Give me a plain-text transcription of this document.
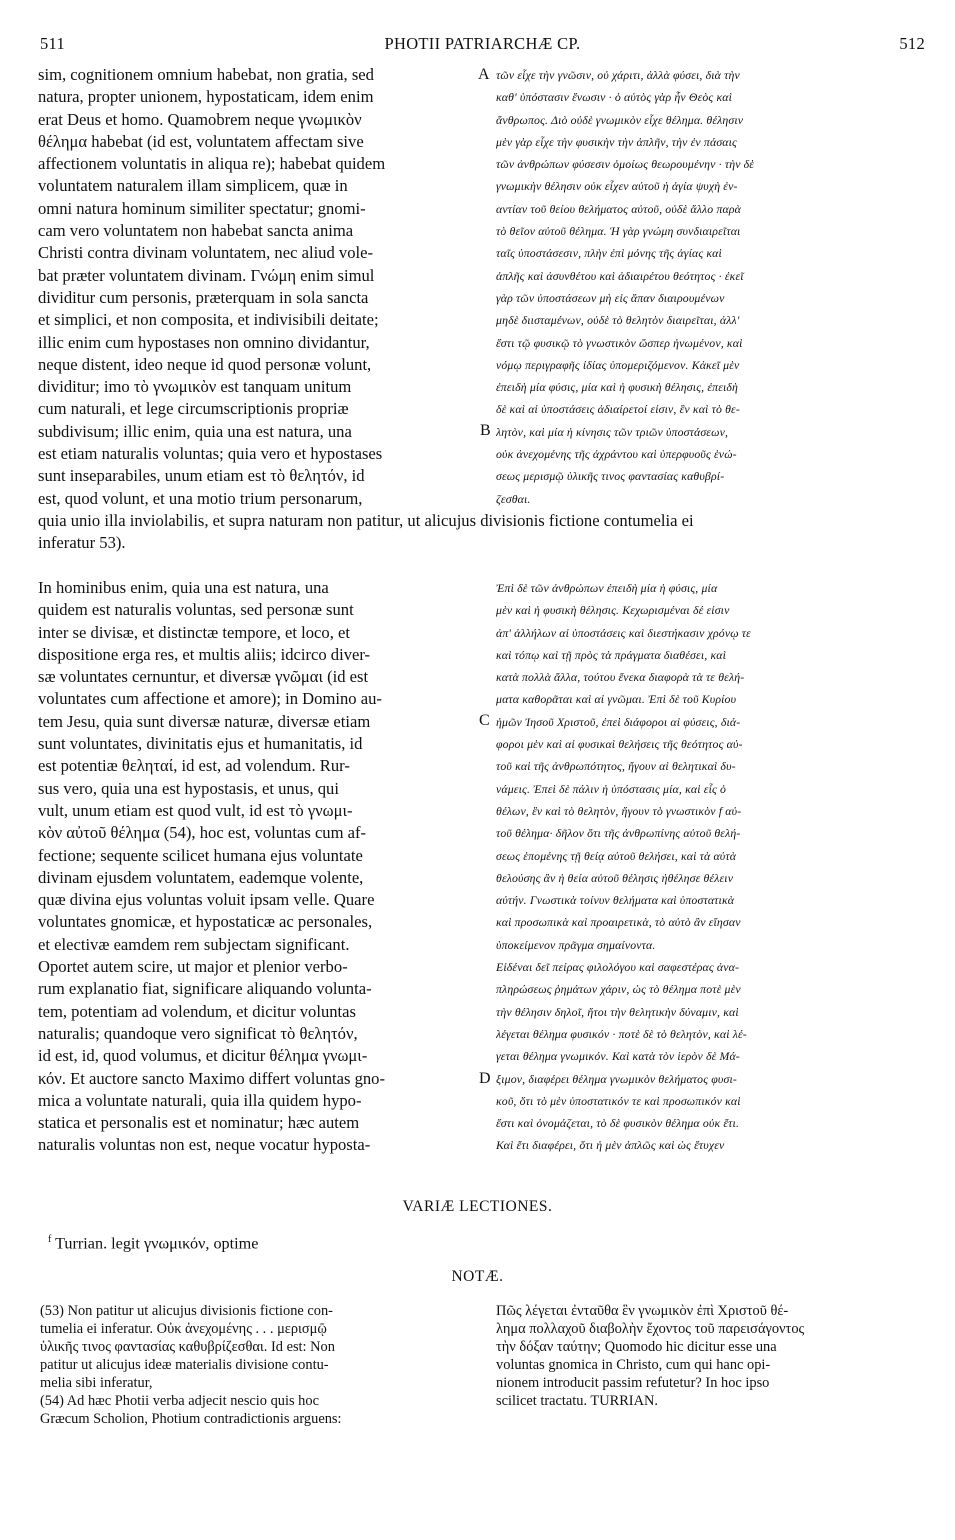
511	PHOTII PATRIARCHÆ CP.	512
sim, cognitionem omnium habebat, non gratia, sed
natura, propter unionem, hypostaticam, idem enim
erat Deus et homo. Quamobrem neque γνωμικὸν
θέλημα habebat (id est, voluntatem affectam sive
affectionem voluntatis in aliqua re); habebat quidem
voluntatem naturalem illam simplicem, quæ in
omni natura hominum similiter spectatur; gnomi-
cam vero voluntatem non habebat sancta anima
Christi contra divinam voluntatem, nec aliud vole-
bat præter voluntatem divinam. Γνώμη enim simul
dividitur cum personis, præterquam in sola sancta
et simplici, et non composita, et indivisibili deitate;
illic enim cum hypostases non omnino dividantur,
neque distent, ideo neque id quod personæ volunt,
dividitur; imo τὸ γνωμικὸν est tanquam unitum
cum naturali, et lege circumscriptionis propriæ
subdivisum; illic enim, quia una est natura, una
est etiam naturalis voluntas; quia vero et hypostases
sunt inseparabiles, unum etiam est τὸ θελητόν, id
est, quod volunt, et una motio trium personarum,
τῶν εἶχε τὴν γνῶσιν, οὐ χάριτι, ἀλλὰ φύσει, διὰ τὴν
καθ' ὑπόστασιν ἕνωσιν · ὁ αὐτὸς γὰρ ἦν Θεὸς καὶ
ἄνθρωπος. Διὸ οὐδὲ γνωμικὸν εἶχε θέλημα. θέλησιν
μὲν γὰρ εἶχε τὴν φυσικὴν τὴν ἁπλῆν, τὴν ἐν πάσαις
τῶν ἀνθρώπων φύσεσιν ὁμοίως θεωρουμένην · τὴν δὲ
γνωμικὴν θέλησιν οὐκ εἶχεν αὐτοῦ ἡ ἁγία ψυχὴ ἐν-
αντίαν τοῦ θείου θελήματος αὐτοῦ, οὐδὲ ἄλλο παρὰ
τὸ θεῖον αὐτοῦ θέλημα. Ἡ γὰρ γνώμη συνδιαιρεῖται
ταῖς ὑποστάσεσιν, πλὴν ἐπὶ μόνης τῆς ἁγίας καὶ
ἁπλῆς καὶ ἀσυνθέτου καὶ ἀδιαιρέτου θεότητος · ἐκεῖ
γὰρ τῶν ὑποστάσεων μὴ εἰς ἅπαν διαιρουμένων
μηδὲ διισταμένων, οὐδὲ τὸ θελητὸν διαιρεῖται, ἀλλ'
ἔστι τῷ φυσικῷ τὸ γνωστικὸν ὥσπερ ἡνωμένον, καὶ
νόμῳ περιγραφῆς ἰδίας ὑπομεριζόμενον. Κἀκεῖ μὲν
ἐπειδὴ μία φύσις, μία καὶ ἡ φυσικὴ θέλησις, ἐπειδὴ
δὲ καὶ αἱ ὑποστάσεις ἀδιαίρετοί εἰσιν, ἓν καὶ τὸ θε-
λητὸν, καὶ μία ἡ κίνησις τῶν τριῶν ὑποστάσεων,
οὐκ ἀνεχομένης τῆς ἀχράντου καὶ ὑπερφυοῦς ἑνώ-
σεως μερισμῷ ὑλικῆς τινος φαντασίας καθυβρί-
ζεσθαι.
quia unio illa inviolabilis, et supra naturam non patitur, ut alicujus divisionis fictione contumelia ei
inferatur 53).
In hominibus enim, quia una est natura, una
quidem est naturalis voluntas, sed personæ sunt
inter se divisæ, et distinctæ tempore, et loco, et
dispositione erga res, et multis aliis; idcirco diver-
sæ voluntates cernuntur, et diversæ γνῶμαι (id est
voluntates cum affectione et amore); in Domino au-
tem Jesu, quia sunt diversæ naturæ, diversæ etiam
sunt voluntates, divinitatis ejus et humanitatis, id
est potentiæ θεληταί, id est, ad volendum. Rur-
sus vero, quia una est hypostasis, et unus, qui
vult, unum etiam est quod vult, id est τὸ γνωμι-
κὸν αὐτοῦ θέλημα (54), hoc est, voluntas cum af-
fectione; sequente scilicet humana ejus voluntate
divinam ejusdem voluntatem, eademque volente,
quæ divina ejus voluntas voluit ipsam velle. Quare
voluntates gnomicæ, et hypostaticæ ac personales,
et electivæ eamdem rem subjectam significant.
Oportet autem scire, ut major et plenior verbo-
rum explanatio fiat, significare aliquando volunta-
tem, potentiam ad volendum, et dicitur voluntas
naturalis; quandoque vero significat τὸ θελητόν,
id est, id, quod volumus, et dicitur θέλημα γνωμι-
κόν. Et auctore sancto Maximo differt voluntas gno-
mica a voluntate naturali, quia illa quidem hypo-
statica et personalis est et nominatur; hæc autem
naturalis voluntas non est, neque vocatur hyposta-
Ἐπὶ δὲ τῶν ἀνθρώπων ἐπειδὴ μία ἡ φύσις, μία
μὲν καὶ ἡ φυσικὴ θέλησις. Κεχωρισμέναι δέ εἰσιν
ἀπ' ἀλλήλων αἱ ὑποστάσεις καὶ διεστήκασιν χρόνῳ τε
καὶ τόπῳ καὶ τῇ πρὸς τὰ πράγματα διαθέσει, καὶ
κατὰ πολλὰ ἄλλα, τούτου ἕνεκα διαφορὰ τὰ τε θελή-
ματα καθορᾶται καὶ αἱ γνῶμαι. Ἐπὶ δὲ τοῦ Κυρίου
ἡμῶν Ἰησοῦ Χριστοῦ, ἐπεὶ διάφοροι αἱ φύσεις, διά-
φοροι μὲν καὶ αἱ φυσικαὶ θελήσεις τῆς θεότητος αὐ-
τοῦ καὶ τῆς ἀνθρωπότητος, ἤγουν αἱ θελητικαὶ δυ-
νάμεις. Ἐπεὶ δὲ πάλιν ἡ ὑπόστασις μία, καὶ εἷς ὁ
θέλων, ἓν καὶ τὸ θελητὸν, ἤγουν τὸ γνωστικὸν f αὐ-
τοῦ θέλημα· δῆλον ὅτι τῆς ἀνθρωπίνης αὐτοῦ θελή-
σεως ἑπομένης τῇ θείᾳ αὐτοῦ θελήσει, καὶ τὰ αὐτὰ
θελούσης ἂν ἡ θεία αὐτοῦ θέλησις ἠθέλησε θέλειν
αὐτήν. Γνωστικὰ τοίνυν θελήματα καὶ ὑποστατικὰ
καὶ προσωπικὰ καὶ προαιρετικὰ, τὸ αὐτὸ ἂν εἴησαν
ὑποκείμενον πρᾶγμα σημαίνοντα.
Εἰδέναι δεῖ πείρας φιλολόγου καὶ σαφεστέρας ἀνα-
πληρώσεως ῥημάτων χάριν, ὡς τὸ θέλημα ποτὲ μὲν
τὴν θέλησιν δηλοῖ, ἤτοι τὴν θελητικὴν δύναμιν, καὶ
λέγεται θέλημα φυσικόν · ποτὲ δὲ τὸ θελητὸν, καὶ λέ-
γεται θέλημα γνωμικόν. Καὶ κατὰ τὸν ἱερὸν δὲ Μά-
ξιμον, διαφέρει θέλημα γνωμικὸν θελήματος φυσι-
κοῦ, ὅτι τὸ μὲν ὑποστατικόν τε καὶ προσωπικόν καὶ
ἔστι καὶ ὀνομάζεται, τὸ δὲ φυσικὸν θέλημα οὐκ ἔτι.
Καὶ ἔτι διαφέρει, ὅτι ἡ μὲν ἁπλῶς καὶ ὡς ἔτυχεν
A
B
C
D
VARIÆ LECTIONES.
$^f$ Turrian. legit γνωμικόν, optime
NOTÆ.
(53) Non patitur ut alicujus divisionis fictione con-
tumelia ei inferatur. Οὐκ ἀνεχομένης . . . μερισμῷ
ὑλικῆς τινος φαντασίας καθυβρίζεσθαι. Id est: Non
patitur ut alicujus ideæ materialis divisione contu-
melia sibi inferatur,
(54) Ad hæc Photii verba adjecit nescio quis hoc
Græcum Scholion, Photium contradictionis arguens:
Πῶς λέγεται ἐνταῦθα ἓν γνωμικὸν ἐπὶ Χριστοῦ θέ-
λημα πολλαχοῦ διαβολὴν ἔχοντος τοῦ παρεισάγοντος
τὴν δόξαν ταύτην; Quomodo hic dicitur esse una
voluntas gnomica in Christo, cum qui hanc opi-
nionem introducit passim refutetur? In hoc ipso
scilicet tractatu. TURRIAN.
